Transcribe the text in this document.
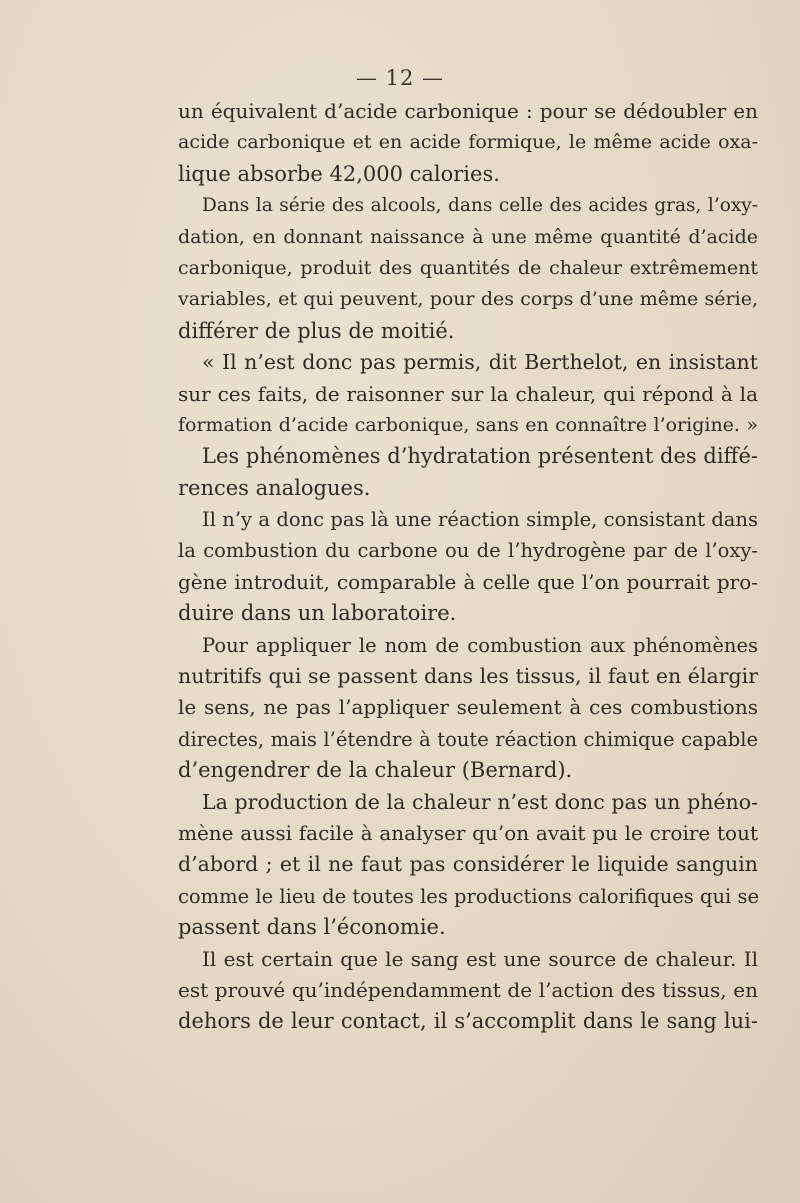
— 12 —
un équivalent d’acide carbonique : pour se dédoubler en
acide carbonique et en acide formique, le même acide oxa-
lique absorbe 42,000 calories.
Dans la série des alcools, dans celle des acides gras, l’oxy-
dation, en donnant naissance à une même quantité d’acide
carbonique, produit des quantités de chaleur extrêmement
variables, et qui peuvent, pour des corps d’une même série,
différer de plus de moitié.
« Il n’est donc pas permis, dit Berthelot, en insistant
sur ces faits, de raisonner sur la chaleur, qui répond à la
formation d’acide carbonique, sans en connaître l’origine. »
Les phénomènes d’hydratation présentent des diffé-
rences analogues.
Il n’y a donc pas là une réaction simple, consistant dans
la combustion du carbone ou de l’hydrogène par de l’oxy-
gène introduit, comparable à celle que l’on pourrait pro-
duire dans un laboratoire.
Pour appliquer le nom de combustion aux phénomènes
nutritifs qui se passent dans les tissus, il faut en élargir
le sens, ne pas l’appliquer seulement à ces combustions
directes, mais l’étendre à toute réaction chimique capable
d’engendrer de la chaleur (Bernard).
La production de la chaleur n’est donc pas un phéno-
mène aussi facile à analyser qu’on avait pu le croire tout
d’abord ; et il ne faut pas considérer le liquide sanguin
comme le lieu de toutes les productions calorifiques qui se
passent dans l’économie.
Il est certain que le sang est une source de chaleur. Il
est prouvé qu’indépendamment de l’action des tissus, en
dehors de leur contact, il s’accomplit dans le sang lui-
